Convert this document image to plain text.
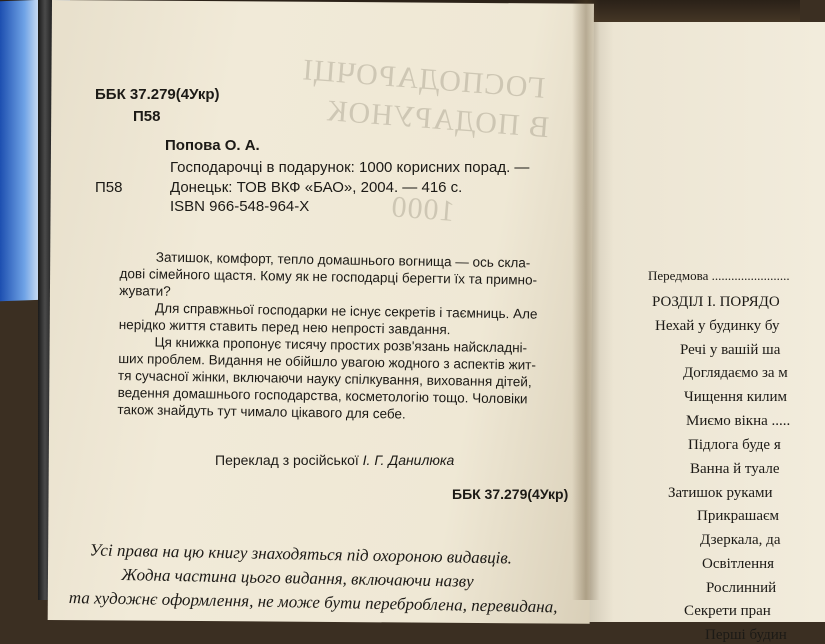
ГОСПОДАРОЧЦІ
В ПОДАРУНОК
1000
ББК 37.279(4Укр)
П58
Попова О. А.
Господарочці в подарунок: 1000 корисних порад. —
П58	Донецьк: ТОВ ВКФ «БАО», 2004. — 416 с.
ISBN 966-548-964-X
Затишок, комфорт, тепло домашнього вогнища — ось скла-
дові сімейного щастя. Кому як не господарці берегти їх та примно-
жувати?
Для справжньої господарки не існує секретів і таємниць. Але
нерідко життя ставить перед нею непрості завдання.
Ця книжка пропонує тисячу простих розв'язань найскладні-
ших проблем. Видання не обійшло увагою жодного з аспектів жит-
тя сучасної жінки, включаючи науку спілкування, виховання дітей,
ведення домашнього господарства, косметологію тощо. Чоловіки
також знайдуть тут чимало цікавого для себе.
Переклад з російської І. Г. Данилюка
ББК 37.279(4Укр)
Усі права на цю книгу знаходяться під охороною видавців.
Жодна частина цього видання, включаючи назву
та художнє оформлення, не може бути переброблена, перевидана,
Передмова ........................
РОЗДІЛ І. ПОРЯДО
Нехай у будинку бу
Речі у вашій ша
Доглядаємо за м
Чищення килим
Миємо вікна .....
Підлога буде я
Ванна й туале
Затишок руками
Прикрашаєм
Дзеркала, да
Освітлення
Рослинний
Секрети пран
Перші будин
